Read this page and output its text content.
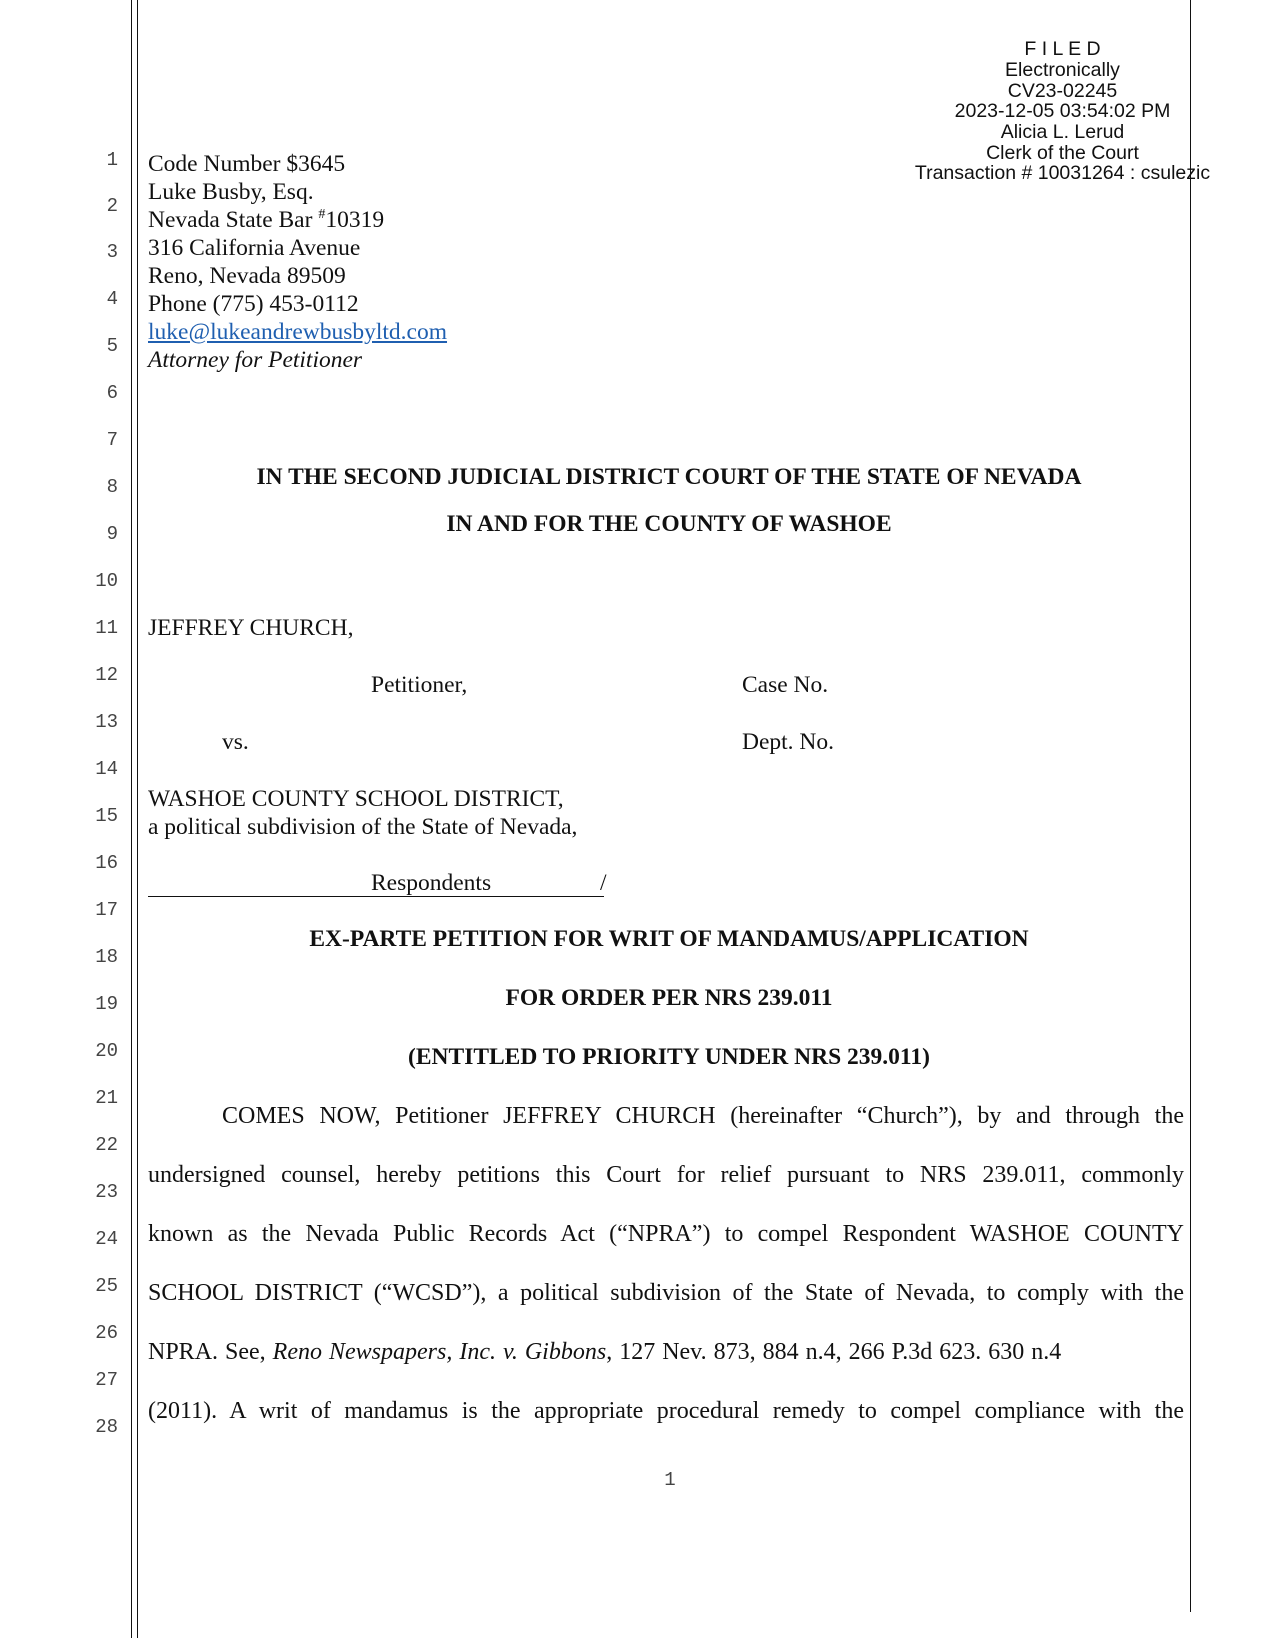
1
2
3
4
5
6
7
8
9
10
11
12
13
14
15
16
17
18
19
20
21
22
23
24
25
26
27
28
F I L E D
Electronically
CV23-02245
2023-12-05 03:54:02 PM
Alicia L. Lerud
Clerk of the Court
Transaction # 10031264 : csulezic
Code Number $3645
Luke Busby, Esq.
Nevada State Bar #10319
316 California Avenue
Reno, Nevada 89509
Phone (775) 453-0112
luke@lukeandrewbusbyltd.com
Attorney for Petitioner
IN THE SECOND JUDICIAL DISTRICT COURT OF THE STATE OF NEVADA
IN AND FOR THE COUNTY OF WASHOE
JEFFREY CHURCH,
Petitioner,	Case No.
vs.	Dept. No.
WASHOE COUNTY SCHOOL DISTRICT,
a political subdivision of the State of Nevada,
Respondents	/
EX-PARTE PETITION FOR WRIT OF MANDAMUS/APPLICATION
FOR ORDER PER NRS 239.011
(ENTITLED TO PRIORITY UNDER NRS 239.011)
COMES NOW, Petitioner JEFFREY CHURCH (hereinafter “Church”), by and through the
undersigned counsel, hereby petitions this Court for relief pursuant to NRS 239.011, commonly
known as the Nevada Public Records Act (“NPRA”) to compel Respondent WASHOE COUNTY
SCHOOL DISTRICT (“WCSD”), a political subdivision of the State of Nevada, to comply with the
NPRA. See, Reno Newspapers, Inc. v. Gibbons, 127 Nev. 873, 884 n.4, 266 P.3d 623. 630 n.4
(2011). A writ of mandamus is the appropriate procedural remedy to compel compliance with the
1
